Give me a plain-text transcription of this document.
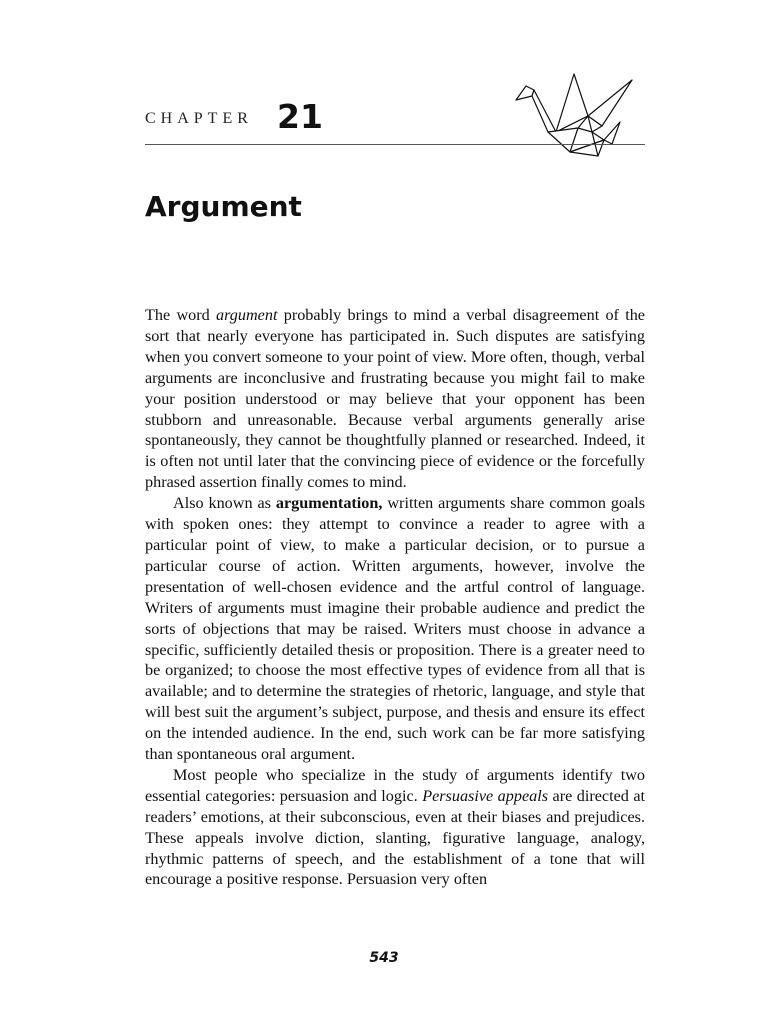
CHAPTER 21
Argument

The word argument probably brings to mind a verbal disagreement of the sort that nearly everyone has participated in. Such disputes are satisfying when you convert someone to your point of view. More often, though, verbal arguments are inconclusive and frustrating because you might fail to make your position understood or may believe that your opponent has been stubborn and unreasonable. Because verbal arguments generally arise spontaneously, they cannot be thoughtfully planned or researched. Indeed, it is often not until later that the convincing piece of evidence or the forcefully phrased assertion finally comes to mind.

Also known as argumentation, written arguments share common goals with spoken ones: they attempt to convince a reader to agree with a particular point of view, to make a particular decision, or to pursue a particular course of action. Written arguments, however, involve the presentation of well-chosen evidence and the artful control of language. Writers of arguments must imagine their probable audience and predict the sorts of objections that may be raised. Writers must choose in advance a specific, sufficiently detailed thesis or proposition. There is a greater need to be organized; to choose the most effective types of evidence from all that is available; and to determine the strategies of rhetoric, language, and style that will best suit the argument’s subject, purpose, and thesis and ensure its effect on the intended audience. In the end, such work can be far more satisfying than spontaneous oral argument.

Most people who specialize in the study of arguments identify two essential categories: persuasion and logic. Persuasive appeals are directed at readers’ emotions, at their subconscious, even at their biases and prejudices. These appeals involve diction, slanting, figurative language, analogy, rhythmic patterns of speech, and the establishment of a tone that will encourage a positive response. Persuasion very often

543
